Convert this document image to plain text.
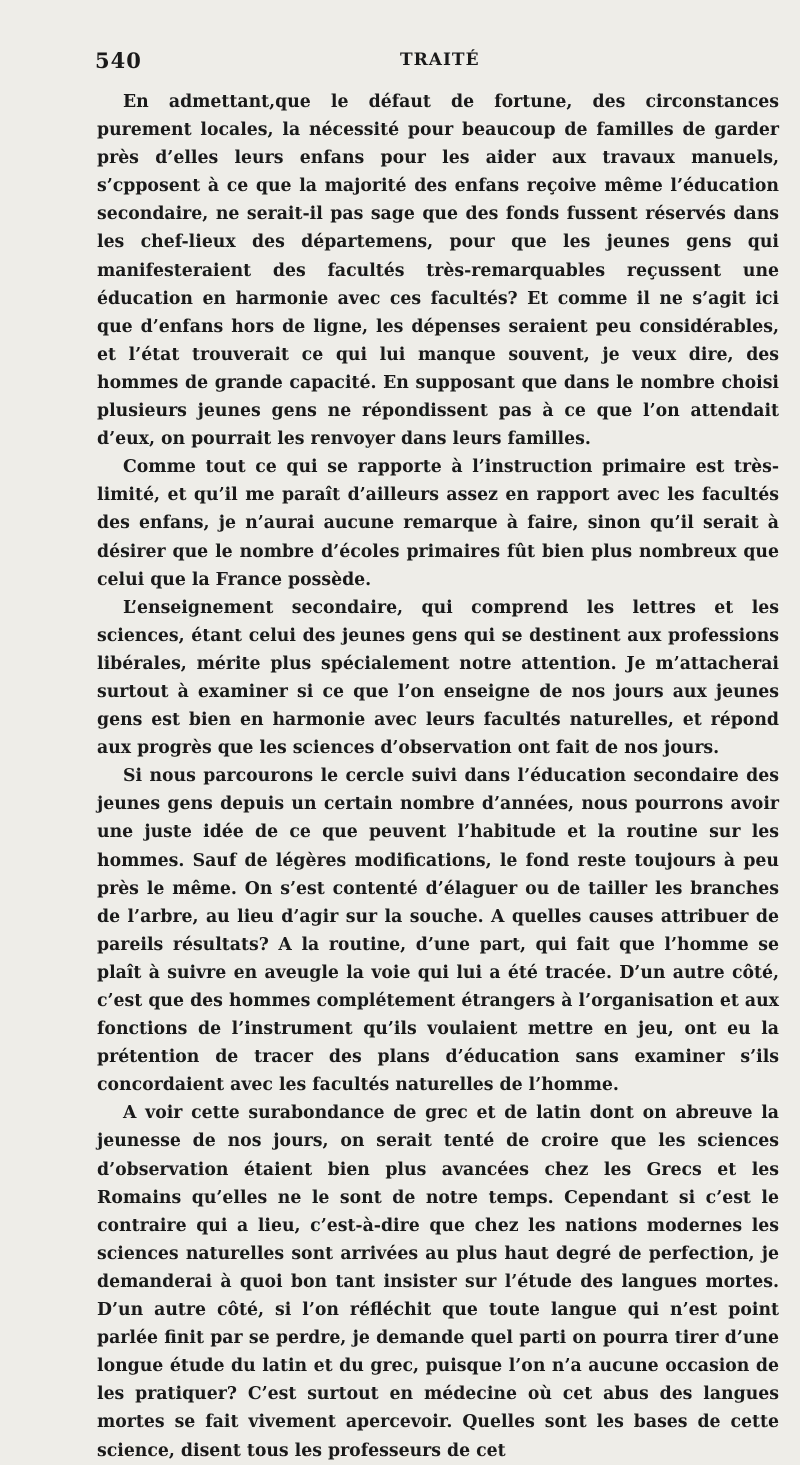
540	TRAITÉ

En admettant,que le défaut de fortune, des circonstances purement locales, la nécessité pour beaucoup de familles de garder près d’elles leurs enfans pour les aider aux travaux manuels, s’cpposent à ce que la majorité des enfans reçoive même l’éducation secondaire, ne serait-il pas sage que des fonds fussent réservés dans les chef-lieux des départemens, pour que les jeunes gens qui manifesteraient des facultés très-remarquables reçussent une éducation en harmonie avec ces facultés? Et comme il ne s’agit ici que d’enfans hors de ligne, les dépenses seraient peu considérables, et l’état trouverait ce qui lui manque souvent, je veux dire, des hommes de grande capacité. En supposant que dans le nombre choisi plusieurs jeunes gens ne répondissent pas à ce que l’on attendait d’eux, on pourrait les renvoyer dans leurs familles.

Comme tout ce qui se rapporte à l’instruction primaire est très-limité, et qu’il me paraît d’ailleurs assez en rapport avec les facultés des enfans, je n’aurai aucune remarque à faire, sinon qu’il serait à désirer que le nombre d’écoles primaires fût bien plus nombreux que celui que la France possède.

L’enseignement secondaire, qui comprend les lettres et les sciences, étant celui des jeunes gens qui se destinent aux professions libérales, mérite plus spécialement notre attention. Je m’attacherai surtout à examiner si ce que l’on enseigne de nos jours aux jeunes gens est bien en harmonie avec leurs facultés naturelles, et répond aux progrès que les sciences d’observation ont fait de nos jours.

Si nous parcourons le cercle suivi dans l’éducation secondaire des jeunes gens depuis un certain nombre d’années, nous pourrons avoir une juste idée de ce que peuvent l’habitude et la routine sur les hommes. Sauf de légères modifications, le fond reste toujours à peu près le même. On s’est contenté d’élaguer ou de tailler les branches de l’arbre, au lieu d’agir sur la souche. A quelles causes attribuer de pareils résultats? A la routine, d’une part, qui fait que l’homme se plaît à suivre en aveugle la voie qui lui a été tracée. D’un autre côté, c’est que des hommes complétement étrangers à l’organisation et aux fonctions de l’instrument qu’ils voulaient mettre en jeu, ont eu la prétention de tracer des plans d’éducation sans examiner s’ils concordaient avec les facultés naturelles de l’homme.

A voir cette surabondance de grec et de latin dont on abreuve la jeunesse de nos jours, on serait tenté de croire que les sciences d’observation étaient bien plus avancées chez les Grecs et les Romains qu’elles ne le sont de notre temps. Cependant si c’est le contraire qui a lieu, c’est-à-dire que chez les nations modernes les sciences naturelles sont arrivées au plus haut degré de perfection, je demanderai à quoi bon tant insister sur l’étude des langues mortes. D’un autre côté, si l’on réfléchit que toute langue qui n’est point parlée finit par se perdre, je demande quel parti on pourra tirer d’une longue étude du latin et du grec, puisque l’on n’a aucune occasion de les pratiquer? C’est surtout en médecine où cet abus des langues mortes se fait vivement apercevoir. Quelles sont les bases de cette science, disent tous les professeurs de cet
